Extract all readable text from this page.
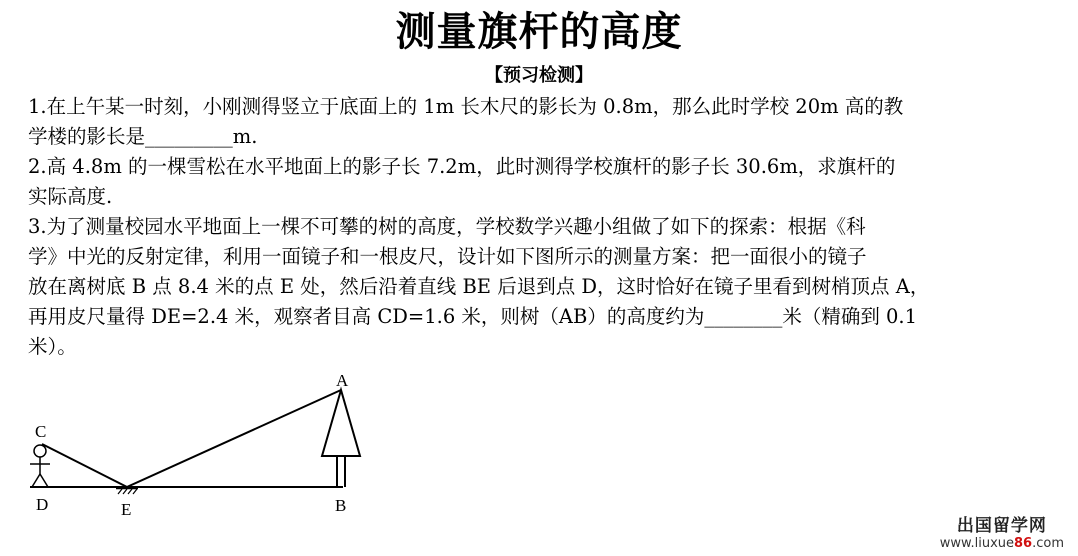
测量旗杆的高度
【预习检测】
1.在上午某一时刻，小刚测得竖立于底面上的 1m 长木尺的影长为 0.8m，那么此时学校 20m 高的教
学楼的影长是_________m.
2.高 4.8m 的一棵雪松在水平地面上的影子长 7.2m，此时测得学校旗杆的影子长 30.6m，求旗杆的
实际高度.
3.为了测量校园水平地面上一棵不可攀的树的高度，学校数学兴趣小组做了如下的探索：根据《科
学》中光的反射定律，利用一面镜子和一根皮尺，设计如下图所示的测量方案：把一面很小的镜子
放在离树底 B 点 8.4 米的点 E 处，然后沿着直线 BE 后退到点 D，这时恰好在镜子里看到树梢顶点 A，
再用皮尺量得 DE=2.4 米，观察者目高 CD=1.6 米，则树（AB）的高度约为________米（精确到 0.1
米）。
A
B
C
D	E
出国留学网
www.liuxue86.com
